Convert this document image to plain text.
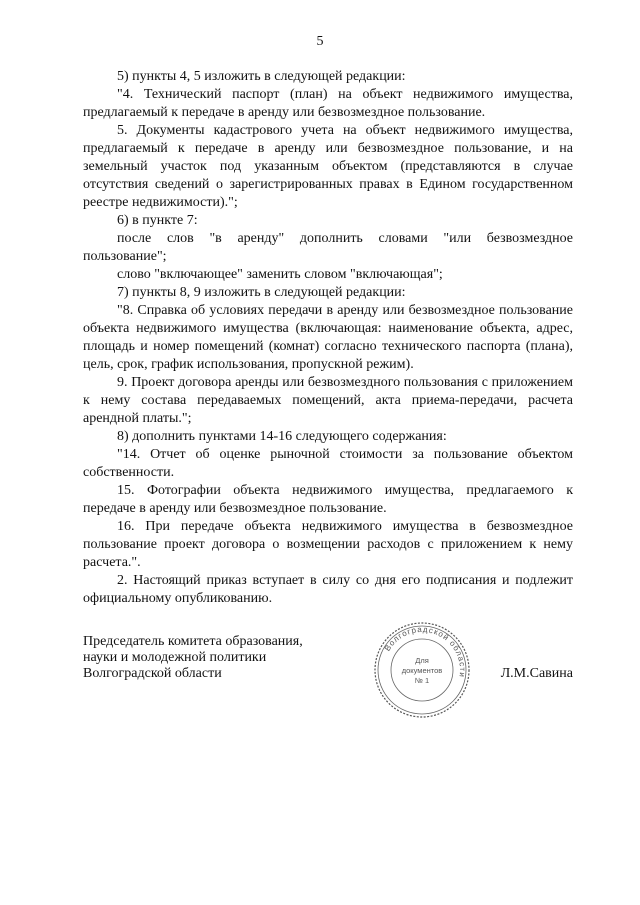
5

5) пункты 4, 5 изложить в следующей редакции:

"4. Технический паспорт (план) на объект недвижимого имущества, предлагаемый к передаче в аренду или безвозмездное пользование.

5. Документы кадастрового учета на объект недвижимого имущества, предлагаемый к передаче в аренду или безвозмездное пользование, и на земельный участок под указанным объектом (представляются в случае отсутствия сведений о зарегистрированных правах в Едином государственном реестре недвижимости).";

6) в пункте 7:

после слов "в аренду" дополнить словами "или безвозмездное пользование";

слово "включающее" заменить словом "включающая";

7) пункты 8, 9 изложить в следующей редакции:

"8. Справка об условиях передачи в аренду или безвозмездное пользование объекта недвижимого имущества (включающая: наименование объекта, адрес, площадь и номер помещений (комнат) согласно технического паспорта (плана), цель, срок, график использования, пропускной режим).

9. Проект договора аренды или безвозмездного пользования с приложением к нему состава передаваемых помещений, акта приема-передачи, расчета арендной платы.";

8) дополнить пунктами 14-16 следующего содержания:

"14. Отчет об оценке рыночной стоимости за пользование объектом собственности.

15. Фотографии объекта недвижимого имущества, предлагаемого к передаче в аренду или безвозмездное пользование.

16. При передаче объекта недвижимого имущества в безвозмездное пользование проект договора о возмещении расходов с приложением к нему расчета.".

2. Настоящий приказ вступает в силу со дня его подписания и подлежит официальному опубликованию.

Председатель комитета образования,
науки и молодежной политики
Волгоградской области
Волгоградской области
Для
документов
№ 1	Л.М.Савина
